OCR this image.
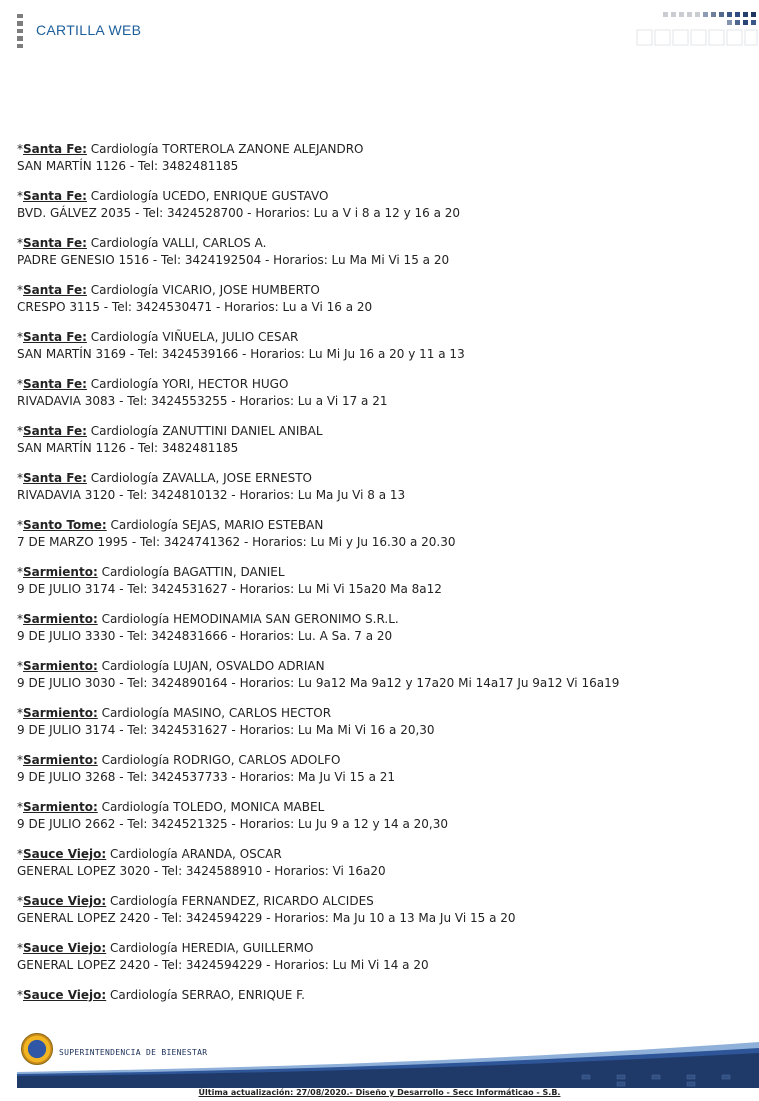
CARTILLA WEB
*Santa Fe: Cardiología TORTEROLA ZANONE ALEJANDRO
SAN MARTÍN 1126 - Tel: 3482481185
*Santa Fe: Cardiología UCEDO, ENRIQUE GUSTAVO
BVD. GÁLVEZ 2035 - Tel: 3424528700 - Horarios: Lu a V i 8 a 12 y 16 a 20
*Santa Fe: Cardiología VALLI, CARLOS A.
PADRE GENESIO 1516 - Tel: 3424192504 - Horarios: Lu Ma Mi Vi 15 a 20
*Santa Fe: Cardiología VICARIO, JOSE HUMBERTO
CRESPO 3115 - Tel: 3424530471 - Horarios: Lu a Vi 16 a 20
*Santa Fe: Cardiología VIÑUELA, JULIO CESAR
SAN MARTÍN 3169 - Tel: 3424539166 - Horarios: Lu Mi Ju 16 a 20 y 11 a 13
*Santa Fe: Cardiología YORI, HECTOR HUGO
RIVADAVIA 3083 - Tel: 3424553255 - Horarios: Lu a Vi 17 a 21
*Santa Fe: Cardiología ZANUTTINI DANIEL ANIBAL
SAN MARTÍN 1126 - Tel: 3482481185
*Santa Fe: Cardiología ZAVALLA, JOSE ERNESTO
RIVADAVIA 3120 - Tel: 3424810132 - Horarios: Lu Ma Ju Vi 8 a 13
*Santo Tome: Cardiología SEJAS, MARIO ESTEBAN
7 DE MARZO 1995 - Tel: 3424741362 - Horarios: Lu Mi y Ju 16.30 a 20.30
*Sarmiento: Cardiología BAGATTIN, DANIEL
9 DE JULIO 3174 - Tel: 3424531627 - Horarios: Lu Mi Vi 15a20 Ma 8a12
*Sarmiento: Cardiología HEMODINAMIA SAN GERONIMO S.R.L.
9 DE JULIO 3330 - Tel: 3424831666 - Horarios: Lu. A Sa. 7 a 20
*Sarmiento: Cardiología LUJAN, OSVALDO ADRIAN
9 DE JULIO 3030 - Tel: 3424890164 - Horarios: Lu 9a12 Ma 9a12 y 17a20 Mi 14a17 Ju 9a12 Vi 16a19
*Sarmiento: Cardiología MASINO, CARLOS HECTOR
9 DE JULIO 3174 - Tel: 3424531627 - Horarios: Lu Ma Mi Vi 16 a 20,30
*Sarmiento: Cardiología RODRIGO, CARLOS ADOLFO
9 DE JULIO 3268 - Tel: 3424537733 - Horarios: Ma Ju Vi 15 a 21
*Sarmiento: Cardiología TOLEDO, MONICA MABEL
9 DE JULIO 2662 - Tel: 3424521325 - Horarios: Lu Ju 9 a 12 y 14 a 20,30
*Sauce Viejo: Cardiología ARANDA, OSCAR
GENERAL LOPEZ 3020 - Tel: 3424588910 - Horarios: Vi 16a20
*Sauce Viejo: Cardiología FERNANDEZ, RICARDO ALCIDES
GENERAL LOPEZ 2420 - Tel: 3424594229 - Horarios: Ma Ju 10 a 13 Ma Ju Vi 15 a 20
*Sauce Viejo: Cardiología HEREDIA, GUILLERMO
GENERAL LOPEZ 2420 - Tel: 3424594229 - Horarios: Lu Mi Vi 14 a 20
*Sauce Viejo: Cardiología SERRAO, ENRIQUE F.
SUPERINTENDENCIA DE BIENESTAR
Última actualización: 27/08/2020.- Diseño y Desarrollo - Secc Informáticao - S.B.
